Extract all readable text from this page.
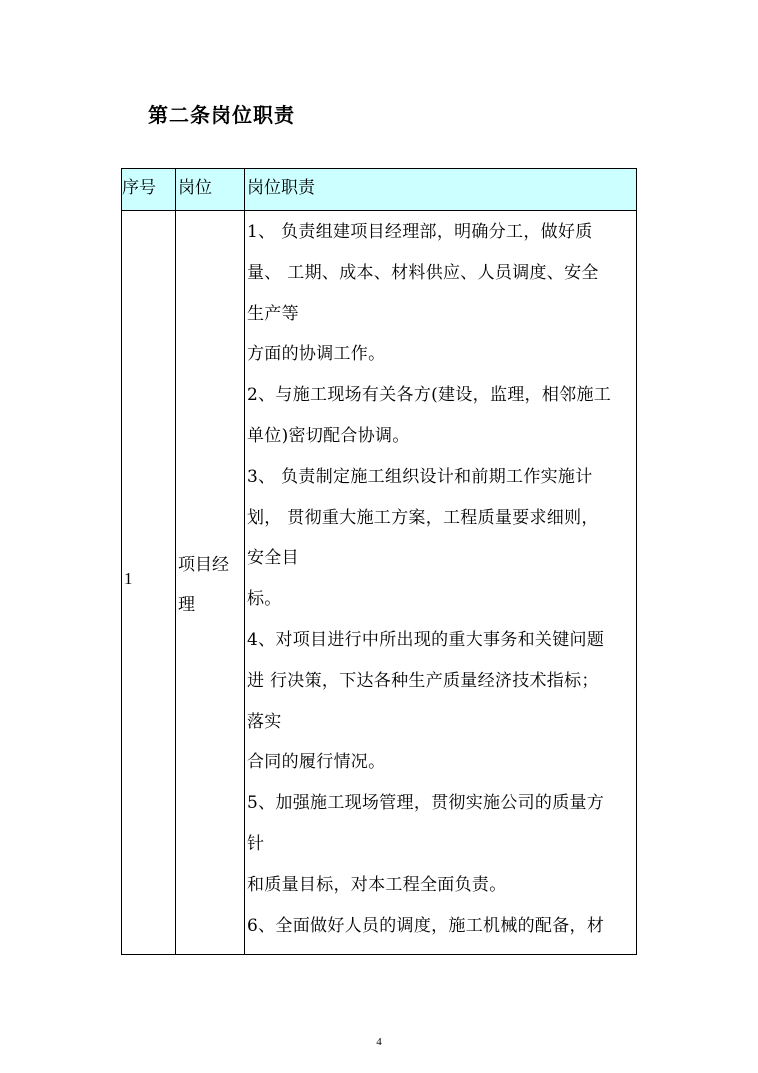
第二条岗位职责
序号 岗位 岗位职责
1
项目经理
1、 负责组建项目经理部，明确分工，做好质
量、 工期、成本、材料供应、人员调度、安全
生产等
方面的协调工作。
2、与施工现场有关各方(建设，监理，相邻施工
单位)密切配合协调。
3、 负责制定施工组织设计和前期工作实施计
划， 贯彻重大施工方案，工程质量要求细则，
安全目
标。
4、对项目进行中所出现的重大事务和关键问题
进 行决策，下达各种生产质量经济技术指标；
落实
合同的履行情况。
5、加强施工现场管理，贯彻实施公司的质量方
针
和质量目标，对本工程全面负责。
6、全面做好人员的调度，施工机械的配备，材
4
